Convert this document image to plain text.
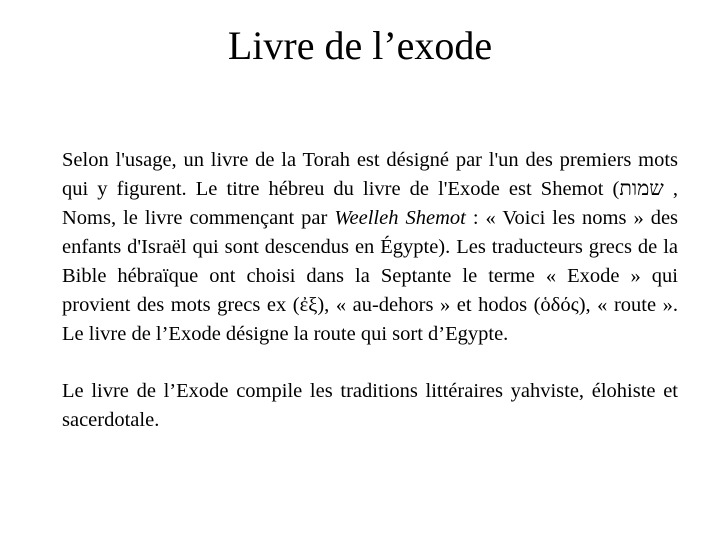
Livre de l’exode

Selon l'usage, un livre de la Torah est désigné par l'un des premiers mots qui y figurent. Le titre hébreu du livre de l'Exode est Shemot (שמות , Noms, le livre commençant par Weelleh Shemot : « Voici les noms » des enfants d'Israël qui sont descendus en Égypte). Les traducteurs grecs de la Bible hébraïque ont choisi dans la Septante le terme « Exode » qui provient des mots grecs ex (ἐξ), « au-dehors » et hodos (ὁδός), « route ». Le livre de l’Exode désigne la route qui sort d’Egypte.

Le livre de l’Exode compile les traditions littéraires yahviste, élohiste et sacerdotale.
